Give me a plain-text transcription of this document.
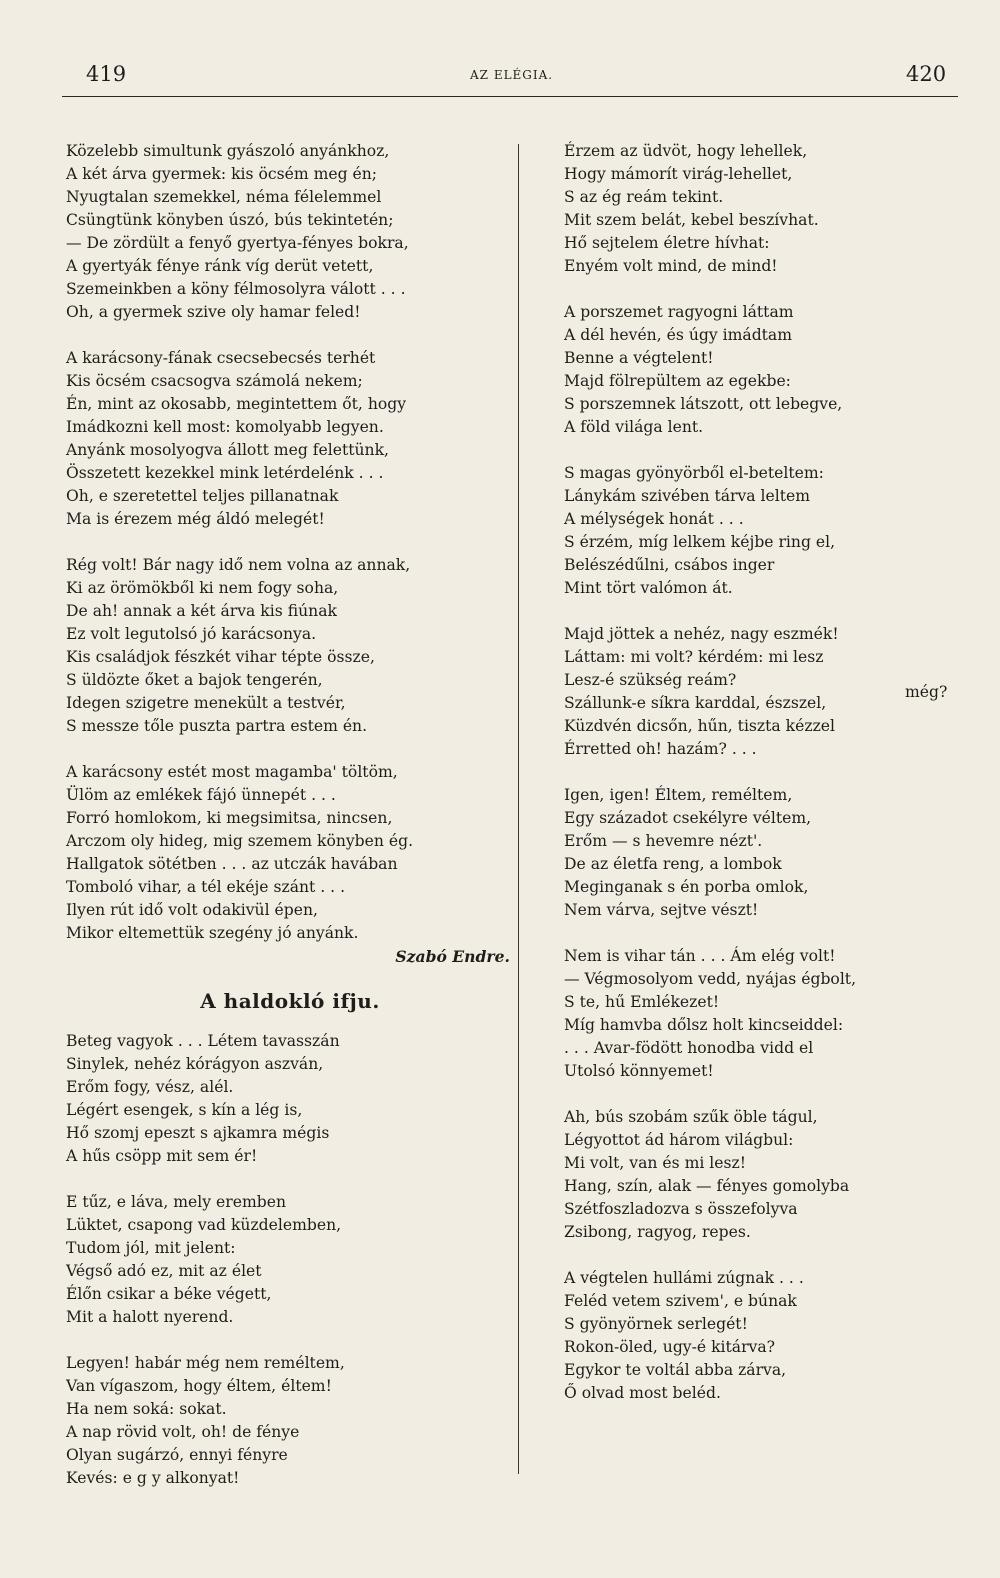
419	AZ ELÉGIA.	420
Közelebb simultunk gyászoló anyánkhoz,
A két árva gyermek: kis öcsém meg én;
Nyugtalan szemekkel, néma félelemmel
Csüngtünk könyben úszó, bús tekintetén;
— De zördült a fenyő gyertya-fényes bokra,
A gyertyák fénye ránk víg derüt vetett,
Szemeinkben a köny félmosolyra válott . . .
Oh, a gyermek szive oly hamar feled!
A karácsony-fának csecsebecsés terhét
Kis öcsém csacsogva számolá nekem;
Én, mint az okosabb, megintettem őt, hogy
Imádkozni kell most: komolyabb legyen.
Anyánk mosolyogva állott meg felettünk,
Összetett kezekkel mink letérdelénk . . .
Oh, e szeretettel teljes pillanatnak
Ma is érezem még áldó melegét!
Rég volt! Bár nagy idő nem volna az annak,
Ki az örömökből ki nem fogy soha,
De ah! annak a két árva kis fiúnak
Ez volt legutolsó jó karácsonya.
Kis családjok fészkét vihar tépte össze,
S üldözte őket a bajok tengerén,
Idegen szigetre menekült a testvér,
S messze tőle puszta partra estem én.
A karácsony estét most magamba' töltöm,
Ülöm az emlékek fájó ünnepét . . .
Forró homlokom, ki megsimitsa, nincsen,
Arczom oly hideg, mig szemem könyben ég.
Hallgatok sötétben . . . az utczák havában
Tomboló vihar, a tél ekéje szánt . . .
Ilyen rút idő volt odakivül épen,
Mikor eltemettük szegény jó anyánk.
Szabó Endre.
A haldokló ifju.
Beteg vagyok . . . Létem tavasszán
Sinylek, nehéz kórágyon aszván,
Erőm fogy, vész, alél.
Légért esengek, s kín a lég is,
Hő szomj epeszt s ajkamra mégis
A hűs csöpp mit sem ér!
E tűz, e láva, mely eremben
Lüktet, csapong vad küzdelemben,
Tudom jól, mit jelent:
Végső adó ez, mit az élet
Élőn csikar a béke végett,
Mit a halott nyerend.
Legyen! habár még nem reméltem,
Van vígaszom, hogy éltem, éltem!
Ha nem soká: sokat.
A nap rövid volt, oh! de fénye
Olyan sugárzó, ennyi fényre
Kevés: e g y alkonyat!
Érzem az üdvöt, hogy lehellek,
Hogy mámorít virág-lehellet,
S az ég reám tekint.
Mit szem belát, kebel beszívhat.
Hő sejtelem életre hívhat:
Enyém volt mind, de mind!
A porszemet ragyogni láttam
A dél hevén, és úgy imádtam
Benne a végtelent!
Majd fölrepültem az egekbe:
S porszemnek látszott, ott lebegve,
A föld világa lent.
S magas gyönyörből el-beteltem:
Lánykám szivében tárva leltem
A mélységek honát . . .
S érzém, míg lelkem kéjbe ring el,
Belészédűlni, csábos inger
Mint tört valómon át.
Majd jöttek a nehéz, nagy eszmék!
Láttam: mi volt? kérdém: mi lesz
Lesz-é szükség reám?
Szállunk-e síkra karddal, észszel,
Küzdvén dicsőn, hűn, tiszta kézzel
Érretted oh! hazám? . . .
Igen, igen! Éltem, reméltem,
Egy századot csekélyre véltem,
Erőm — s hevemre nézt'.
De az életfa reng, a lombok
Meginganak s én porba omlok,
Nem várva, sejtve vészt!
Nem is vihar tán . . . Ám elég volt!
— Végmosolyom vedd, nyájas égbolt,
S te, hű Emlékezet!
Míg hamvba dőlsz holt kincseiddel:
. . . Avar-födött honodba vidd el
Utolsó könnyemet!
Ah, bús szobám szűk öble tágul,
Légyottot ád három világbul:
Mi volt, van és mi lesz!
Hang, szín, alak — fényes gomolyba
Szétfoszladozva s összefolyva
Zsibong, ragyog, repes.
A végtelen hullámi zúgnak . . .
Feléd vetem szivem', e búnak
S gyönyörnek serlegét!
Rokon-öled, ugy-é kitárva?
Egykor te voltál abba zárva,
Ő olvad most beléd.
még?
